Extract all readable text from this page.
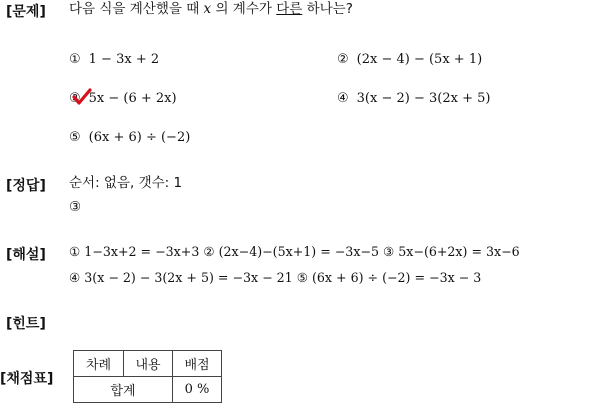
[문제] 다음 식을 계산했을 때 x 의 계수가 다른 하나는?
① 1 − 3x + 2	② (2x − 4) − (5x + 1)
③ 5x − (6 + 2x)	④ 3(x − 2) − 3(2x + 5)
⑤ (6x + 6) ÷ (−2)
[정답] 순서: 없음, 갯수: 1
③
[해설] ① 1−3x+2 = −3x+3 ② (2x−4)−(5x+1) = −3x−5 ③ 5x−(6+2x) = 3x−6
④ 3(x − 2) − 3(2x + 5) = −3x − 21 ⑤ (6x + 6) ÷ (−2) = −3x − 3
[힌트]
[채점표]
차례	내용	배점
합계		0 %
